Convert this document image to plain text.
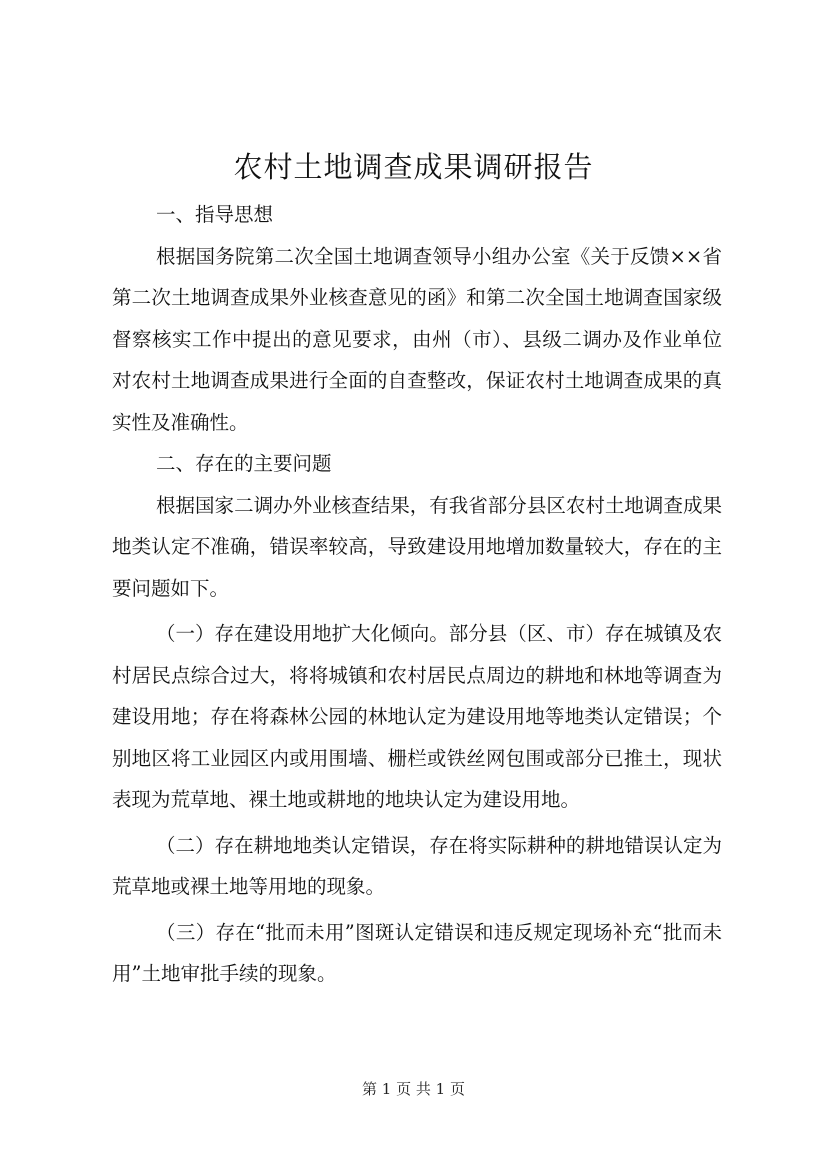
农村土地调查成果调研报告
一、指导思想

根据国务院第二次全国土地调查领导小组办公室《关于反馈××省第二次土地调查成果外业核查意见的函》和第二次全国土地调查国家级督察核实工作中提出的意见要求，由州（市）、县级二调办及作业单位对农村土地调查成果进行全面的自查整改，保证农村土地调查成果的真实性及准确性。

二、存在的主要问题

根据国家二调办外业核查结果，有我省部分县区农村土地调查成果地类认定不准确，错误率较高，导致建设用地增加数量较大，存在的主要问题如下。

（一）存在建设用地扩大化倾向。部分县（区、市）存在城镇及农村居民点综合过大，将将城镇和农村居民点周边的耕地和林地等调查为建设用地；存在将森林公园的林地认定为建设用地等地类认定错误；个别地区将工业园区内或用围墙、栅栏或铁丝网包围或部分已推土，现状表现为荒草地、裸土地或耕地的地块认定为建设用地。

（二）存在耕地地类认定错误，存在将实际耕种的耕地错误认定为荒草地或裸土地等用地的现象。

（三）存在“批而未用”图斑认定错误和违反规定现场补充“批而未用”土地审批手续的现象。

第 1 页 共 1 页
